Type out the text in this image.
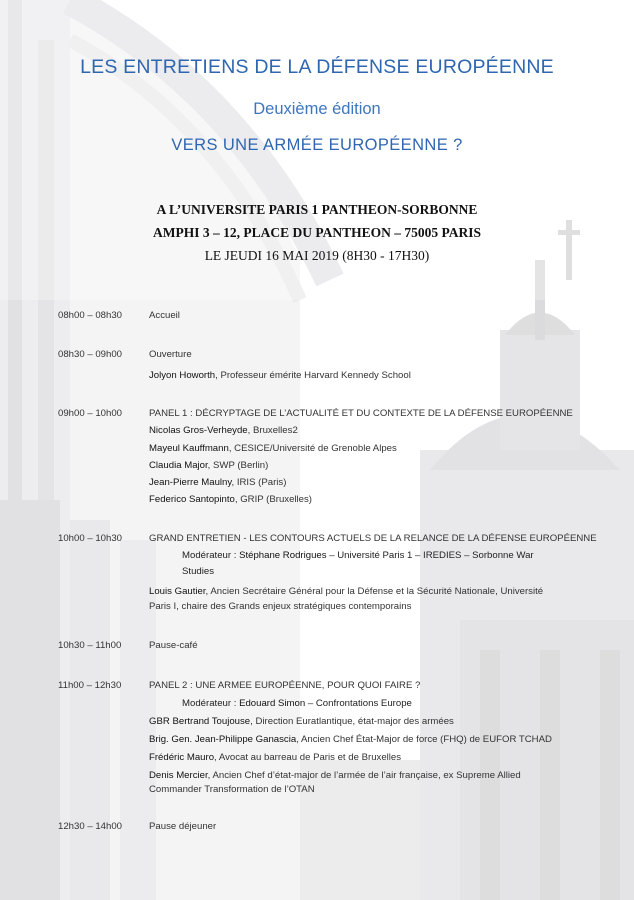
LES ENTRETIENS DE LA DÉFENSE EUROPÉENNE
Deuxième édition
VERS UNE ARMÉE EUROPÉENNE ?
A L’UNIVERSITE PARIS 1 PANTHEON-SORBONNE
AMPHI 3 – 12, PLACE DU PANTHEON – 75005 PARIS
LE JEUDI 16 MAI 2019 (8H30 - 17H30)
08h00 – 08h30	Accueil
08h30 – 09h00	Ouverture
Jolyon Howorth, Professeur émérite Harvard Kennedy School
09h00 – 10h00	PANEL 1 : DÉCRYPTAGE DE L’ACTUALITÉ ET DU CONTEXTE DE LA DÉFENSE EUROPÉENNE
Nicolas Gros-Verheyde, Bruxelles2
Mayeul Kauffmann, CESICE/Université de Grenoble Alpes
Claudia Major, SWP (Berlin)
Jean-Pierre Maulny, IRIS (Paris)
Federico Santopinto, GRIP (Bruxelles)
10h00 – 10h30	GRAND ENTRETIEN - LES CONTOURS ACTUELS DE LA RELANCE DE LA DÉFENSE EUROPÉENNE
Modérateur : Stéphane Rodrigues – Université Paris 1 – IREDIES – Sorbonne War
Studies
Louis Gautier, Ancien Secrétaire Général pour la Défense et la Sécurité Nationale, Université
Paris I, chaire des Grands enjeux stratégiques contemporains
10h30 – 11h00	Pause-café
11h00 – 12h30	PANEL 2 : UNE ARMEE EUROPÉENNE, POUR QUOI FAIRE ?
Modérateur : Edouard Simon – Confrontations Europe
GBR Bertrand Toujouse, Direction Euratlantique, état-major des armées
Brig. Gen. Jean-Philippe Ganascia, Ancien Chef État-Major de force (FHQ) de EUFOR TCHAD
Frédéric Mauro, Avocat au barreau de Paris et de Bruxelles
Denis Mercier, Ancien Chef d’état-major de l’armée de l’air française, ex Supreme Allied
Commander Transformation de l’OTAN
12h30 – 14h00	Pause déjeuner
